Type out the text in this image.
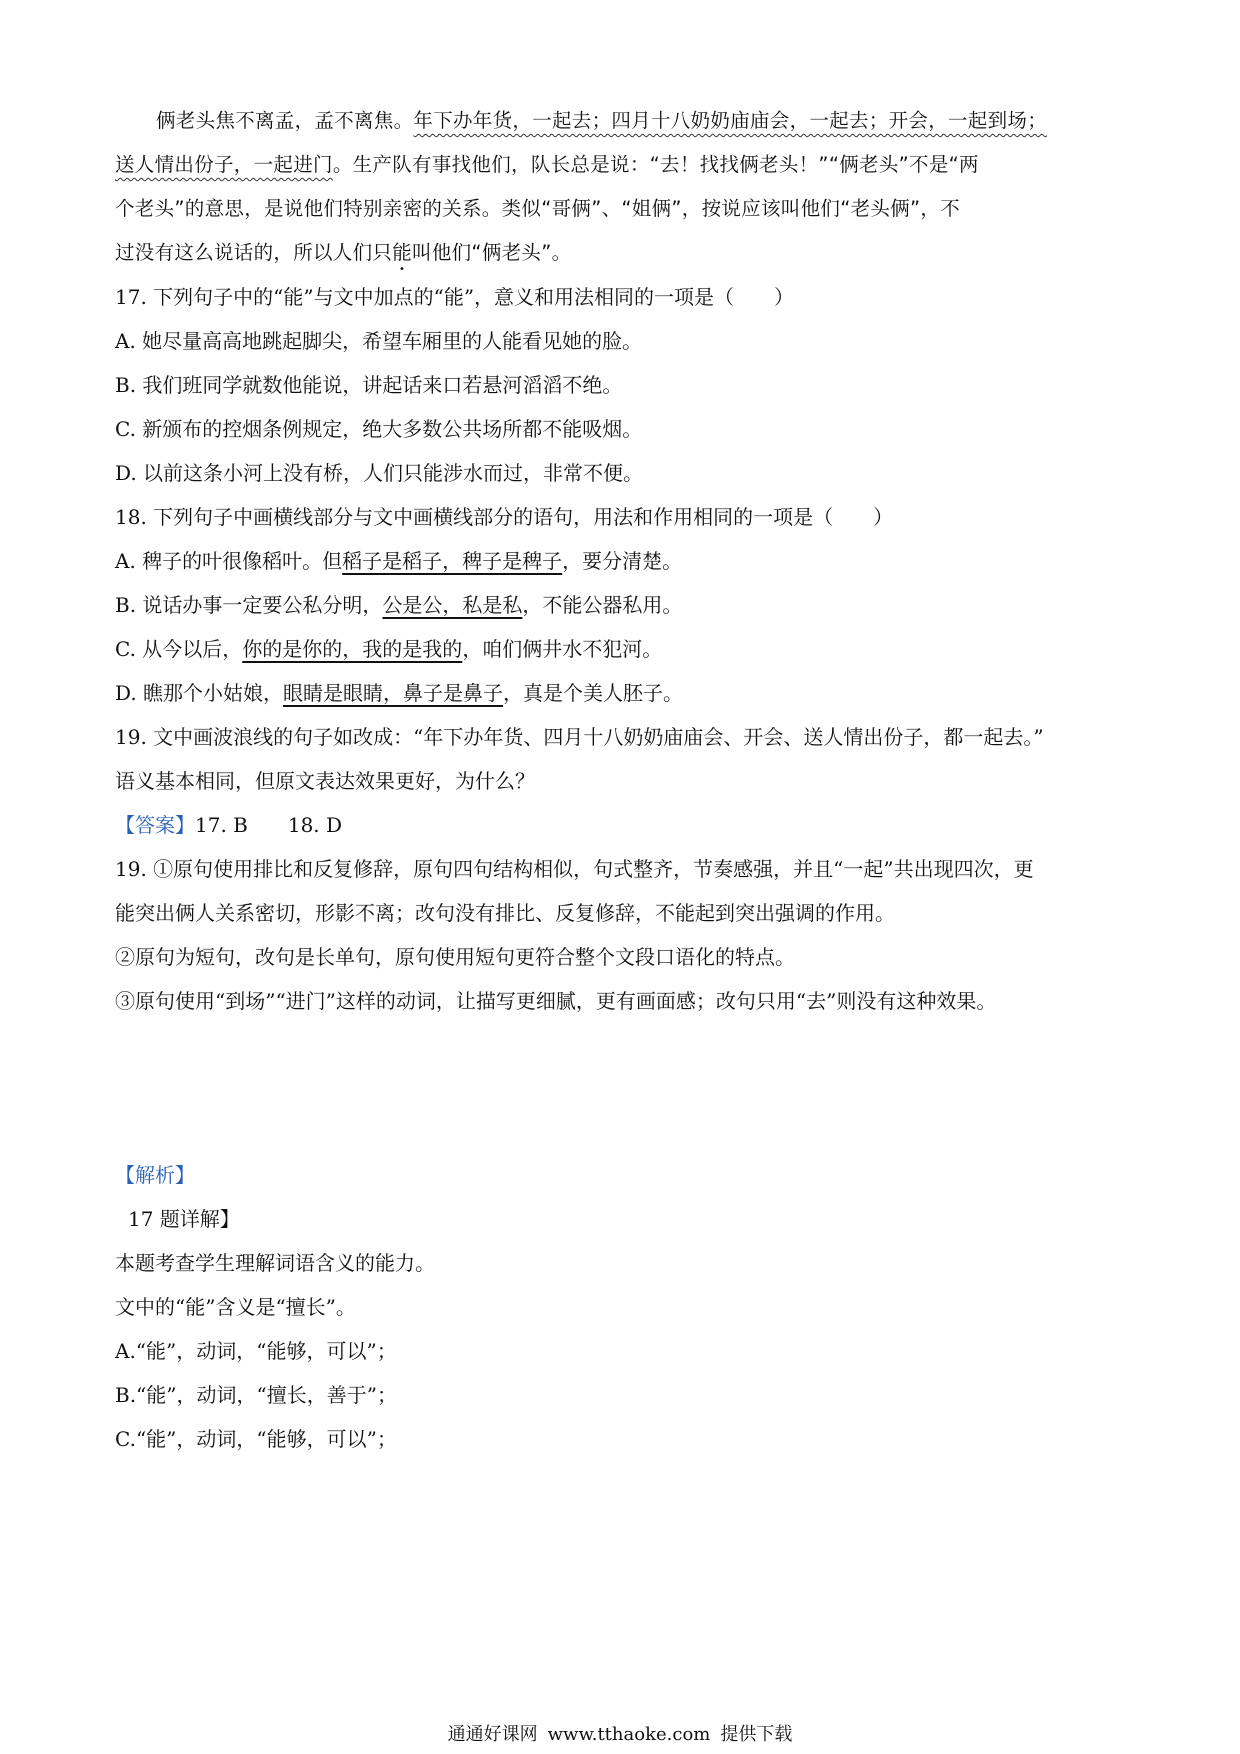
俩老头焦不离孟，孟不离焦。年下办年货，一起去；四月十八奶奶庙庙会，一起去；开会，一起到场；
送人情出份子，一起进门。生产队有事找他们，队长总是说：“去！找找俩老头！”“俩老头”不是“两
个老头”的意思，是说他们特别亲密的关系。类似“哥俩”、“姐俩”，按说应该叫他们“老头俩”，不
过没有这么说话的，所以人们只能叫他们“俩老头”。
17. 下列句子中的“能”与文中加点的“能”，意义和用法相同的一项是（　　）
A. 她尽量高高地跳起脚尖，希望车厢里的人能看见她的脸。
B. 我们班同学就数他能说，讲起话来口若悬河滔滔不绝。
C. 新颁布的控烟条例规定，绝大多数公共场所都不能吸烟。
D. 以前这条小河上没有桥，人们只能涉水而过，非常不便。
18. 下列句子中画横线部分与文中画横线部分的语句，用法和作用相同的一项是（　　）
A. 稗子的叶很像稻叶。但稻子是稻子，稗子是稗子，要分清楚。
B. 说话办事一定要公私分明，公是公，私是私，不能公器私用。
C. 从今以后，你的是你的，我的是我的，咱们俩井水不犯河。
D. 瞧那个小姑娘，眼睛是眼睛，鼻子是鼻子，真是个美人胚子。
19. 文中画波浪线的句子如改成：“年下办年货、四月十八奶奶庙庙会、开会、送人情出份子，都一起去。”
语义基本相同，但原文表达效果更好，为什么？
【答案】17. B　　18. D
19. ①原句使用排比和反复修辞，原句四句结构相似，句式整齐，节奏感强，并且“一起”共出现四次，更
能突出俩人关系密切，形影不离；改句没有排比、反复修辞，不能起到突出强调的作用。
②原句为短句，改句是长单句，原句使用短句更符合整个文段口语化的特点。
③原句使用“到场”“进门”这样的动词，让描写更细腻，更有画面感；改句只用“去”则没有这种效果。
【解析】
17 题详解】
本题考查学生理解词语含义的能力。
文中的“能”含义是“擅长”。
A.“能”，动词，“能够，可以”；
B.“能”，动词，“擅长，善于”；
C.“能”，动词，“能够，可以”；
通通好课网 www.tthaoke.com 提供下载
